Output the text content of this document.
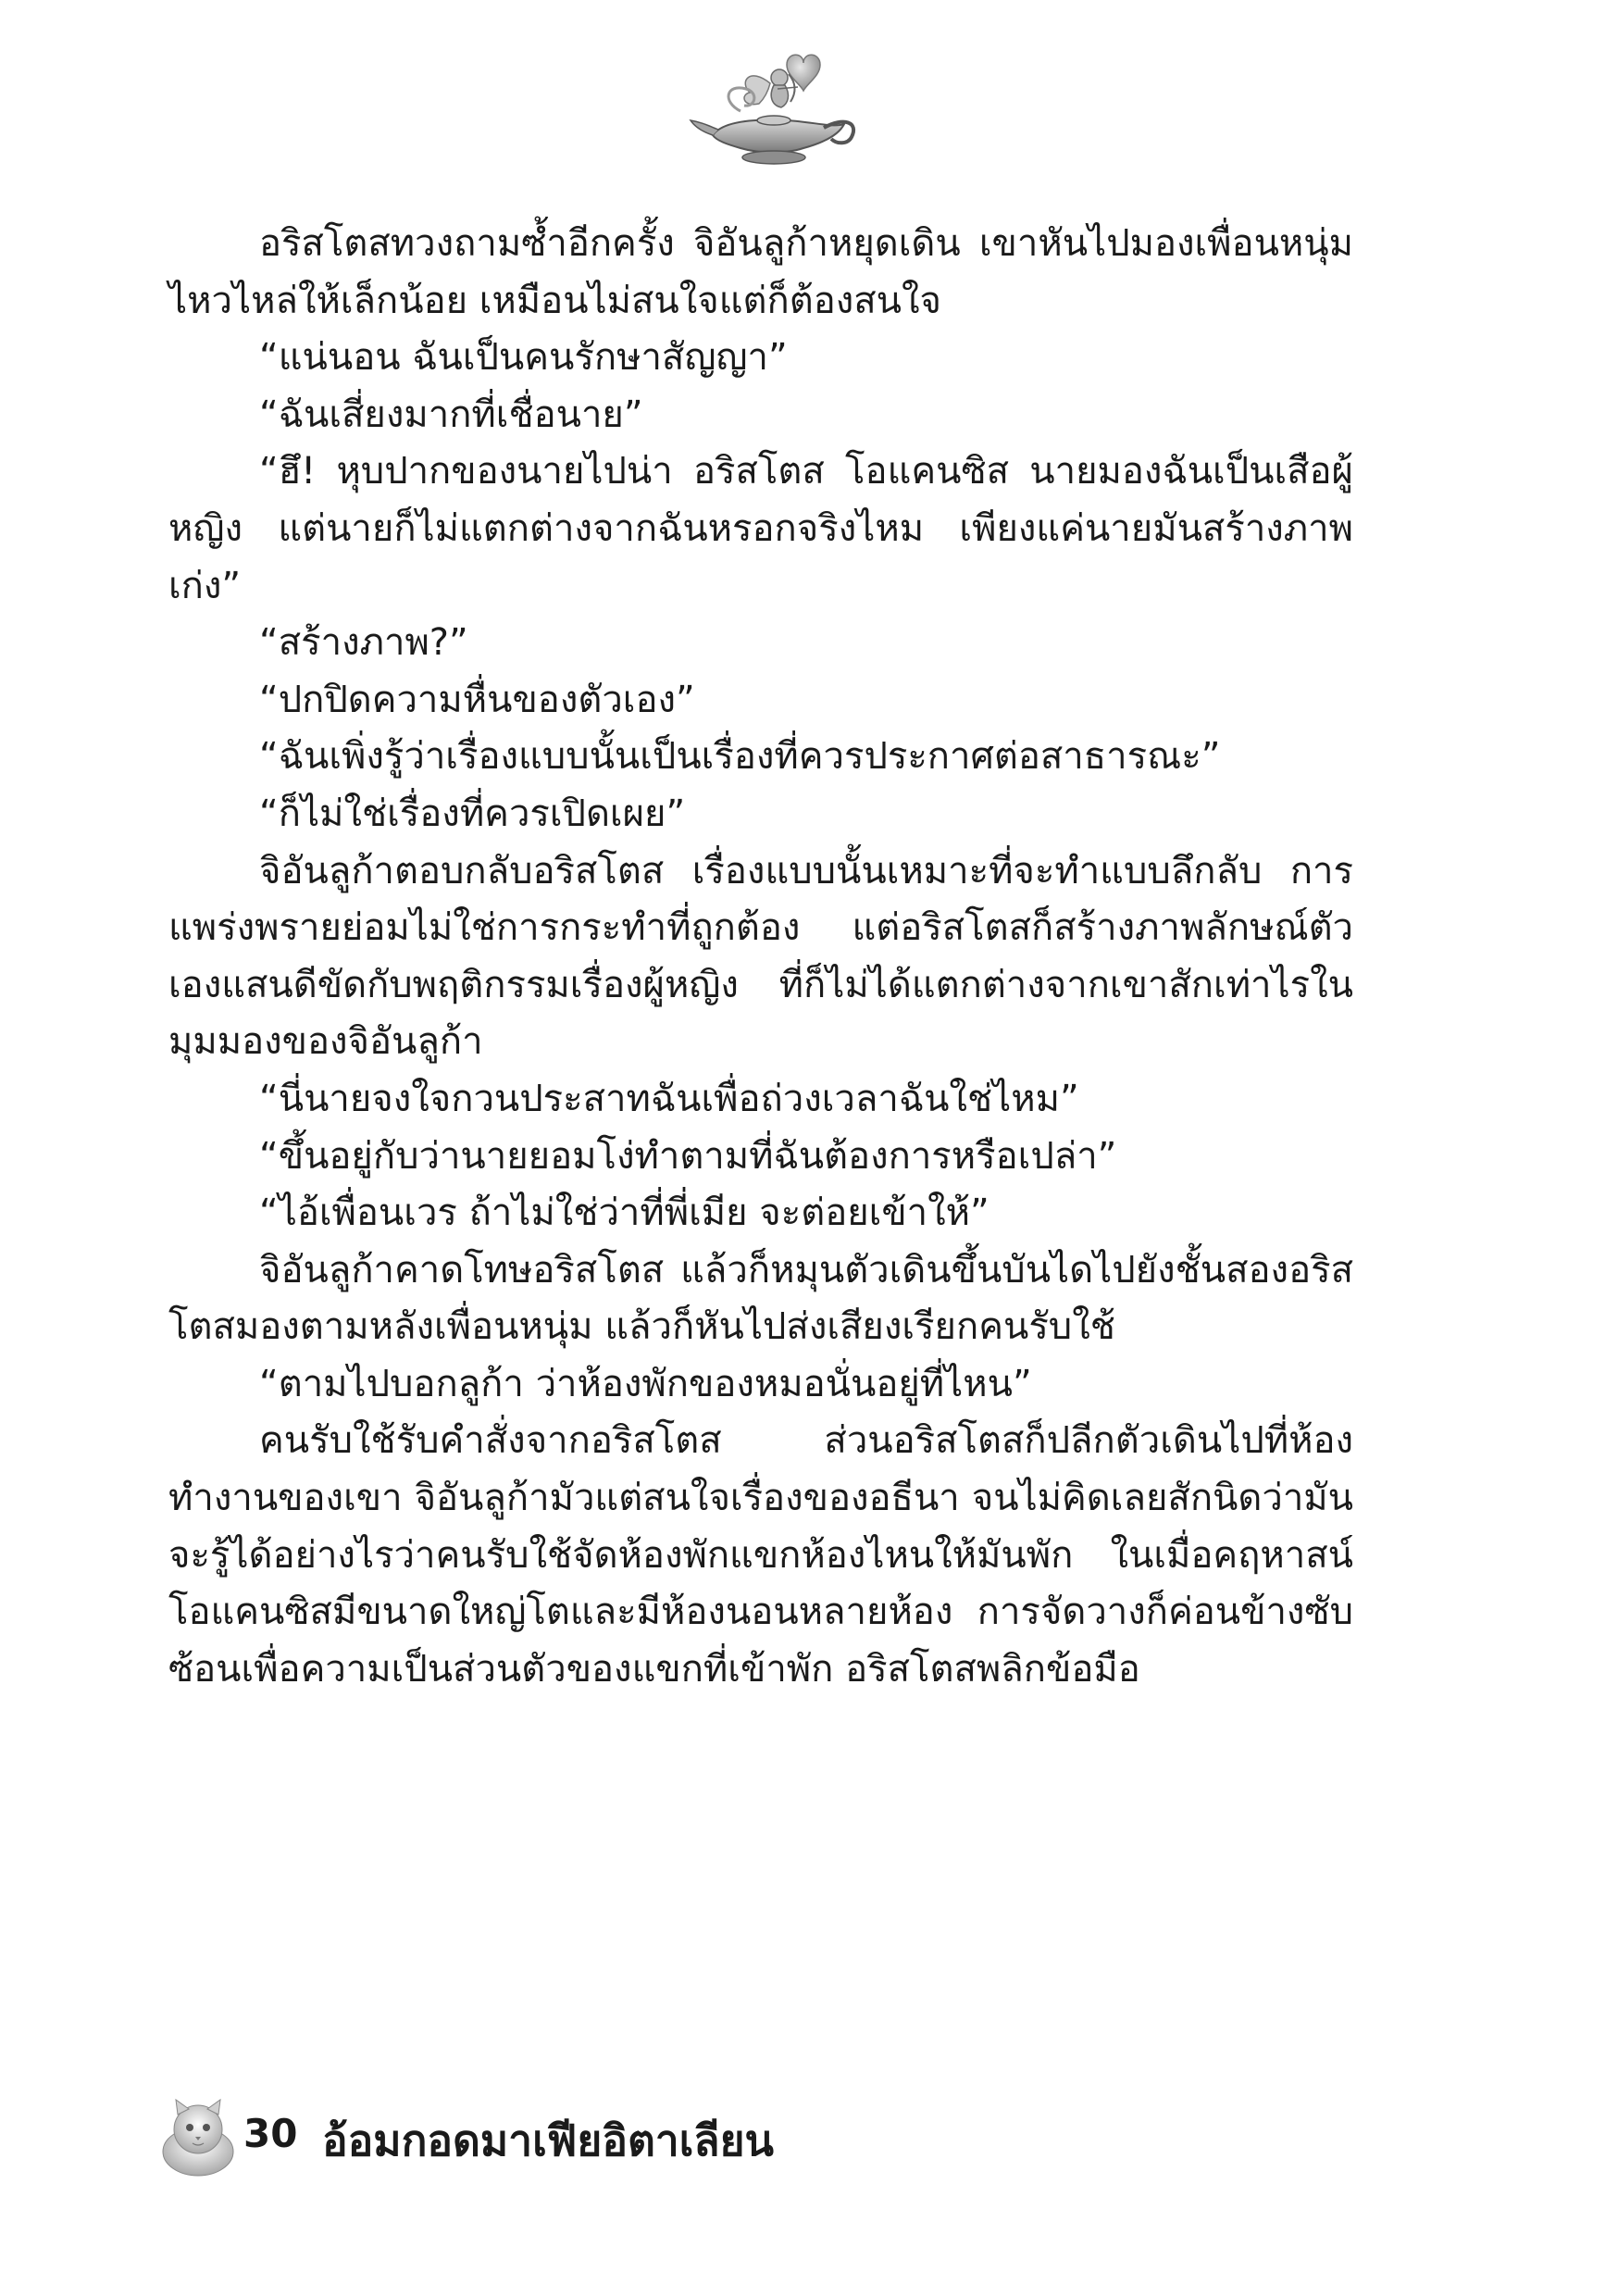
อริสโตสทวงถามซ้ำอีกครั้ง จิอันลูก้าหยุดเดิน เขาหันไปมองเพื่อนหนุ่ม ไหวไหล่ให้เล็กน้อย เหมือนไม่สนใจแต่ก็ต้องสนใจ

“แน่นอน ฉันเป็นคนรักษาสัญญา”

“ฉันเสี่ยงมากที่เชื่อนาย”

“ฮึ! หุบปากของนายไปน่า อริสโตส โอแคนซิส นายมองฉันเป็นเสือผู้หญิง แต่นายก็ไม่แตกต่างจากฉันหรอกจริงไหม เพียงแค่นายมันสร้างภาพเก่ง”

“สร้างภาพ?”

“ปกปิดความหื่นของตัวเอง”

“ฉันเพิ่งรู้ว่าเรื่องแบบนั้นเป็นเรื่องที่ควรประกาศต่อสาธารณะ”

“ก็ไม่ใช่เรื่องที่ควรเปิดเผย”

จิอันลูก้าตอบกลับอริสโตส เรื่องแบบนั้นเหมาะที่จะทำแบบลึกลับ การแพร่งพรายย่อมไม่ใช่การกระทำที่ถูกต้อง แต่อริสโตสก็สร้างภาพลักษณ์ตัวเองแสนดีขัดกับพฤติกรรมเรื่องผู้หญิง ที่ก็ไม่ได้แตกต่างจากเขาสักเท่าไรในมุมมองของจิอันลูก้า

“นี่นายจงใจกวนประสาทฉันเพื่อถ่วงเวลาฉันใช่ไหม”

“ขึ้นอยู่กับว่านายยอมโง่ทำตามที่ฉันต้องการหรือเปล่า”

“ไอ้เพื่อนเวร ถ้าไม่ใช่ว่าที่พี่เมีย จะต่อยเข้าให้”

จิอันลูก้าคาดโทษอริสโตส แล้วก็หมุนตัวเดินขึ้นบันไดไปยังชั้นสองอริสโตสมองตามหลังเพื่อนหนุ่ม แล้วก็หันไปส่งเสียงเรียกคนรับใช้

“ตามไปบอกลูก้า ว่าห้องพักของหมอนั่นอยู่ที่ไหน”

คนรับใช้รับคำสั่งจากอริสโตส ส่วนอริสโตสก็ปลีกตัวเดินไปที่ห้องทำงานของเขา จิอันลูก้ามัวแต่สนใจเรื่องของอธีนา จนไม่คิดเลยสักนิดว่ามันจะรู้ได้อย่างไรว่าคนรับใช้จัดห้องพักแขกห้องไหนให้มันพัก ในเมื่อคฤหาสน์โอแคนซิสมีขนาดใหญ่โตและมีห้องนอนหลายห้อง การจัดวางก็ค่อนข้างซับซ้อนเพื่อความเป็นส่วนตัวของแขกที่เข้าพัก อริสโตสพลิกข้อมือ

30 อ้อมกอดมาเฟียอิตาเลียน
